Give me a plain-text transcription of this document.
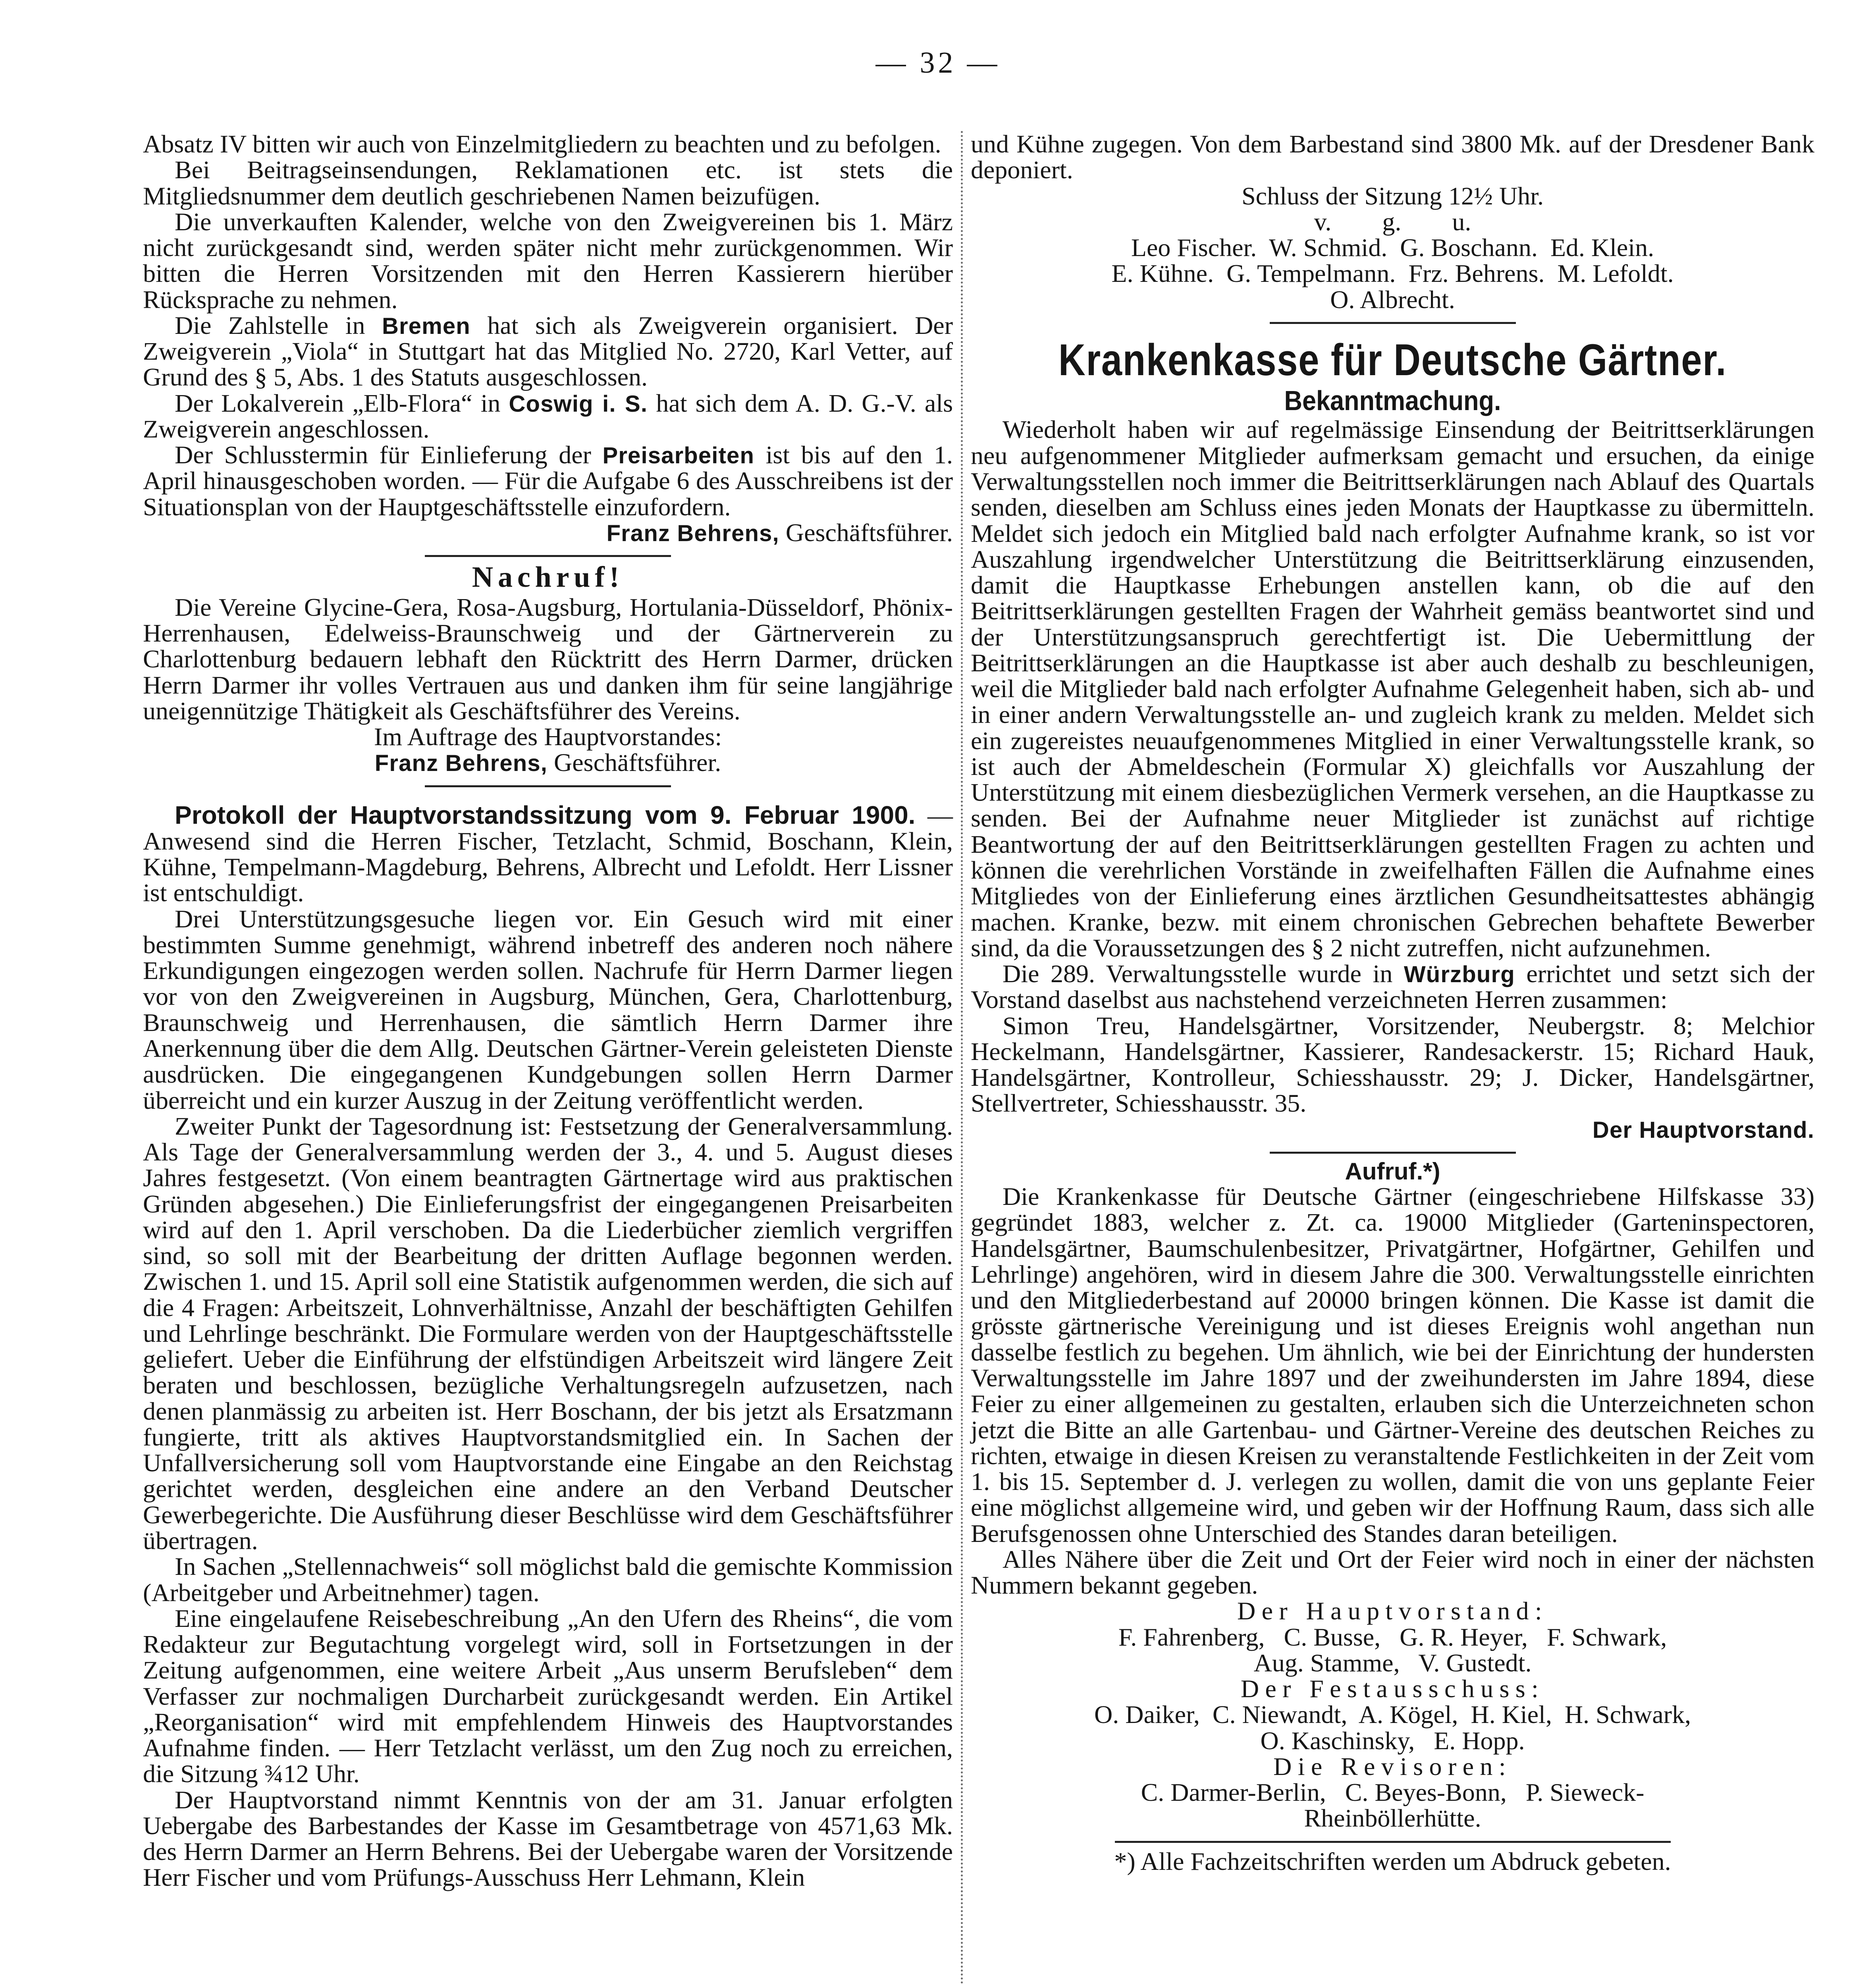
— 32 —

Absatz IV bitten wir auch von Einzelmitgliedern zu beachten und zu befolgen.

Bei Beitragseinsendungen, Reklamationen etc. ist stets die Mitgliedsnummer dem deutlich geschriebenen Namen beizufügen.

Die unverkauften Kalender, welche von den Zweigvereinen bis 1. März nicht zurückgesandt sind, werden später nicht mehr zurückgenommen. Wir bitten die Herren Vorsitzenden mit den Herren Kassierern hierüber Rücksprache zu nehmen.

Die Zahlstelle in Bremen hat sich als Zweigverein organisiert. Der Zweigverein „Viola“ in Stuttgart hat das Mitglied No. 2720, Karl Vetter, auf Grund des § 5, Abs. 1 des Statuts ausgeschlossen.

Der Lokalverein „Elb-Flora“ in Coswig i. S. hat sich dem A. D. G.-V. als Zweigverein angeschlossen.

Der Schlusstermin für Einlieferung der Preisarbeiten ist bis auf den 1. April hinausgeschoben worden. — Für die Aufgabe 6 des Ausschreibens ist der Situationsplan von der Hauptgeschäftsstelle einzufordern.

Franz Behrens, Geschäftsführer.

Nachruf!

Die Vereine Glycine-Gera, Rosa-Augsburg, Hortulania-Düsseldorf, Phönix-Herrenhausen, Edelweiss-Braunschweig und der Gärtnerverein zu Charlottenburg bedauern lebhaft den Rücktritt des Herrn Darmer, drücken Herrn Darmer ihr volles Vertrauen aus und danken ihm für seine langjährige uneigennützige Thätigkeit als Geschäftsführer des Vereins.

Im Auftrage des Hauptvorstandes:

Franz Behrens, Geschäftsführer.

Protokoll der Hauptvorstandssitzung vom 9. Februar 1900. — Anwesend sind die Herren Fischer, Tetzlacht, Schmid, Boschann, Klein, Kühne, Tempelmann-Magdeburg, Behrens, Albrecht und Lefoldt. Herr Lissner ist entschuldigt.

Drei Unterstützungsgesuche liegen vor. Ein Gesuch wird mit einer bestimmten Summe genehmigt, während inbetreff des anderen noch nähere Erkundigungen eingezogen werden sollen. Nachrufe für Herrn Darmer liegen vor von den Zweigvereinen in Augsburg, München, Gera, Charlottenburg, Braunschweig und Herrenhausen, die sämtlich Herrn Darmer ihre Anerkennung über die dem Allg. Deutschen Gärtner-Verein geleisteten Dienste ausdrücken. Die eingegangenen Kundgebungen sollen Herrn Darmer überreicht und ein kurzer Auszug in der Zeitung veröffentlicht werden.

Zweiter Punkt der Tagesordnung ist: Festsetzung der Generalversammlung. Als Tage der Generalversammlung werden der 3., 4. und 5. August dieses Jahres festgesetzt. (Von einem beantragten Gärtnertage wird aus praktischen Gründen abgesehen.) Die Einlieferungsfrist der eingegangenen Preisarbeiten wird auf den 1. April verschoben. Da die Liederbücher ziemlich vergriffen sind, so soll mit der Bearbeitung der dritten Auflage begonnen werden. Zwischen 1. und 15. April soll eine Statistik aufgenommen werden, die sich auf die 4 Fragen: Arbeitszeit, Lohnverhältnisse, Anzahl der beschäftigten Gehilfen und Lehrlinge beschränkt. Die Formulare werden von der Hauptgeschäftsstelle geliefert. Ueber die Einführung der elfstündigen Arbeitszeit wird längere Zeit beraten und beschlossen, bezügliche Verhaltungsregeln aufzusetzen, nach denen planmässig zu arbeiten ist. Herr Boschann, der bis jetzt als Ersatzmann fungierte, tritt als aktives Hauptvorstandsmitglied ein. In Sachen der Unfallversicherung soll vom Hauptvorstande eine Eingabe an den Reichstag gerichtet werden, desgleichen eine andere an den Verband Deutscher Gewerbegerichte. Die Ausführung dieser Beschlüsse wird dem Geschäftsführer übertragen.

In Sachen „Stellennachweis“ soll möglichst bald die gemischte Kommission (Arbeitgeber und Arbeitnehmer) tagen.

Eine eingelaufene Reisebeschreibung „An den Ufern des Rheins“, die vom Redakteur zur Begutachtung vorgelegt wird, soll in Fortsetzungen in der Zeitung aufgenommen, eine weitere Arbeit „Aus unserm Berufsleben“ dem Verfasser zur nochmaligen Durcharbeit zurückgesandt werden. Ein Artikel „Reorganisation“ wird mit empfehlendem Hinweis des Hauptvorstandes Aufnahme finden. — Herr Tetzlacht verlässt, um den Zug noch zu erreichen, die Sitzung ¾12 Uhr.

Der Hauptvorstand nimmt Kenntnis von der am 31. Januar erfolgten Uebergabe des Barbestandes der Kasse im Gesamtbetrage von 4571,63 Mk. des Herrn Darmer an Herrn Behrens. Bei der Uebergabe waren der Vorsitzende Herr Fischer und vom Prüfungs-Ausschuss Herr Lehmann, Klein

und Kühne zugegen. Von dem Barbestand sind 3800 Mk. auf der Dresdener Bank deponiert.

Schluss der Sitzung 12½ Uhr.

v.        g.        u.

Leo Fischer.  W. Schmid.  G. Boschann.  Ed. Klein.

E. Kühne.  G. Tempelmann.  Frz. Behrens.  M. Lefoldt.

O. Albrecht.

Krankenkasse für Deutsche Gärtner.

Bekanntmachung.

Wiederholt haben wir auf regelmässige Einsendung der Beitrittserklärungen neu aufgenommener Mitglieder aufmerksam gemacht und ersuchen, da einige Verwaltungsstellen noch immer die Beitrittserklärungen nach Ablauf des Quartals senden, dieselben am Schluss eines jeden Monats der Hauptkasse zu übermitteln. Meldet sich jedoch ein Mitglied bald nach erfolgter Aufnahme krank, so ist vor Auszahlung irgendwelcher Unterstützung die Beitrittserklärung einzusenden, damit die Hauptkasse Erhebungen anstellen kann, ob die auf den Beitrittserklärungen gestellten Fragen der Wahrheit gemäss beantwortet sind und der Unterstützungsanspruch gerechtfertigt ist. Die Uebermittlung der Beitrittserklärungen an die Hauptkasse ist aber auch deshalb zu beschleunigen, weil die Mitglieder bald nach erfolgter Aufnahme Gelegenheit haben, sich ab- und in einer andern Verwaltungsstelle an- und zugleich krank zu melden. Meldet sich ein zugereistes neuaufgenommenes Mitglied in einer Verwaltungsstelle krank, so ist auch der Abmeldeschein (Formular X) gleichfalls vor Auszahlung der Unterstützung mit einem diesbezüglichen Vermerk versehen, an die Hauptkasse zu senden. Bei der Aufnahme neuer Mitglieder ist zunächst auf richtige Beantwortung der auf den Beitrittserklärungen gestellten Fragen zu achten und können die verehrlichen Vorstände in zweifelhaften Fällen die Aufnahme eines Mitgliedes von der Einlieferung eines ärztlichen Gesundheitsattestes abhängig machen. Kranke, bezw. mit einem chronischen Gebrechen behaftete Bewerber sind, da die Voraussetzungen des § 2 nicht zutreffen, nicht aufzunehmen.

Die 289. Verwaltungsstelle wurde in Würzburg errichtet und setzt sich der Vorstand daselbst aus nachstehend verzeichneten Herren zusammen:

Simon Treu, Handelsgärtner, Vorsitzender, Neubergstr. 8; Melchior Heckelmann, Handelsgärtner, Kassierer, Randesackerstr. 15; Richard Hauk, Handelsgärtner, Kontrolleur, Schiesshausstr. 29; J. Dicker, Handelsgärtner, Stellvertreter, Schiesshausstr. 35.

Der Hauptvorstand.

Aufruf.*)

Die Krankenkasse für Deutsche Gärtner (eingeschriebene Hilfskasse 33) gegründet 1883, welcher z. Zt. ca. 19000 Mitglieder (Garteninspectoren, Handelsgärtner, Baumschulenbesitzer, Privatgärtner, Hofgärtner, Gehilfen und Lehrlinge) angehören, wird in diesem Jahre die 300. Verwaltungsstelle einrichten und den Mitgliederbestand auf 20000 bringen können. Die Kasse ist damit die grösste gärtnerische Vereinigung und ist dieses Ereignis wohl angethan nun dasselbe festlich zu begehen. Um ähnlich, wie bei der Einrichtung der hundersten Verwaltungsstelle im Jahre 1897 und der zweihundersten im Jahre 1894, diese Feier zu einer allgemeinen zu gestalten, erlauben sich die Unterzeichneten schon jetzt die Bitte an alle Gartenbau- und Gärtner-Vereine des deutschen Reiches zu richten, etwaige in diesen Kreisen zu veranstaltende Festlichkeiten in der Zeit vom 1. bis 15. September d. J. verlegen zu wollen, damit die von uns geplante Feier eine möglichst allgemeine wird, und geben wir der Hoffnung Raum, dass sich alle Berufsgenossen ohne Unterschied des Standes daran beteiligen.

Alles Nähere über die Zeit und Ort der Feier wird noch in einer der nächsten Nummern bekannt gegeben.

Der Hauptvorstand:

F. Fahrenberg,   C. Busse,   G. R. Heyer,   F. Schwark,

Aug. Stamme,   V. Gustedt.

Der Festausschuss:

O. Daiker,  C. Niewandt,  A. Kögel,  H. Kiel,  H. Schwark,

O. Kaschinsky,   E. Hopp.

Die Revisoren:

C. Darmer-Berlin,   C. Beyes-Bonn,   P. Sieweck-

Rheinböllerhütte.

*) Alle Fachzeitschriften werden um Abdruck gebeten.
